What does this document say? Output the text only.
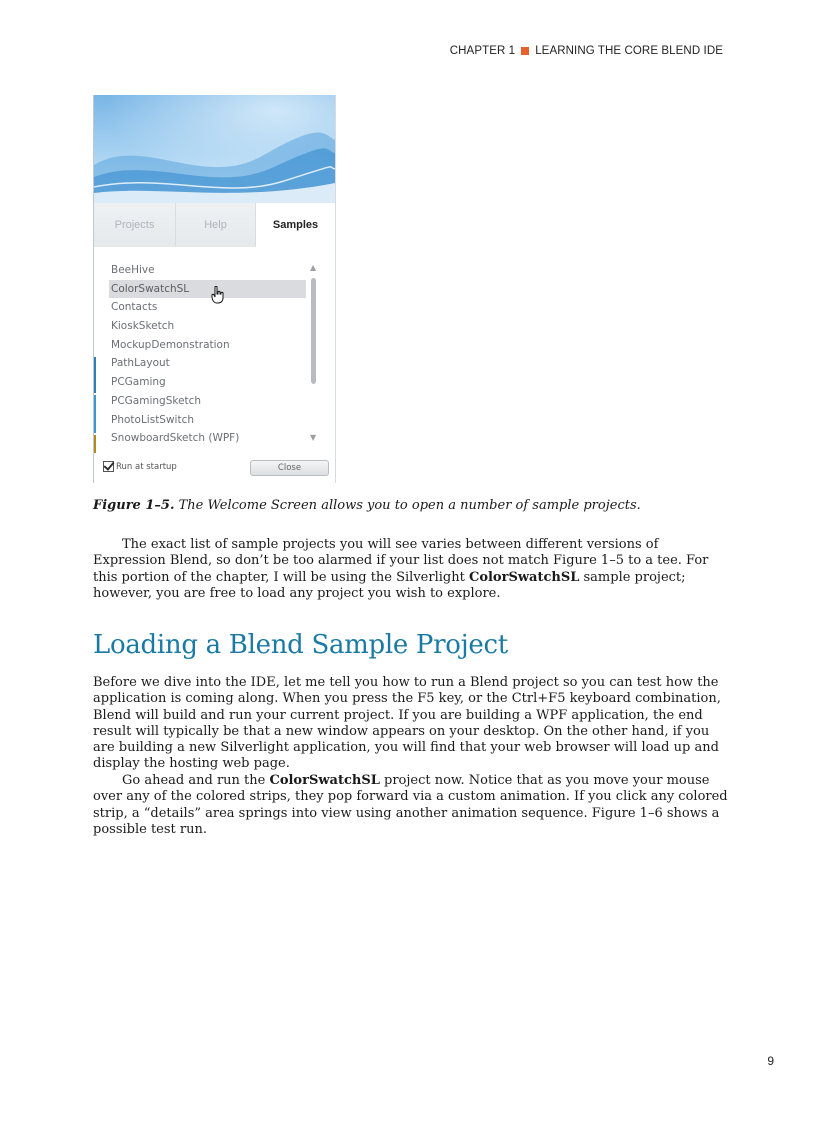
CHAPTER 1 LEARNING THE CORE BLEND IDE
Projects	Help	Samples
BeeHive
ColorSwatchSL
Contacts
KioskSketch
MockupDemonstration
PathLayout
PCGaming
PCGamingSketch
PhotoListSwitch
SnowboardSketch (WPF)
▲
▼
Run at startup	Close
Figure 1–5. The Welcome Screen allows you to open a number of sample projects.

The exact list of sample projects you will see varies between different versions of Expression Blend, so don’t be too alarmed if your list does not match Figure 1–5 to a tee. For this portion of the chapter, I will be using the Silverlight ColorSwatchSL sample project; however, you are free to load any project you wish to explore.

Loading a Blend Sample Project

Before we dive into the IDE, let me tell you how to run a Blend project so you can test how the application is coming along. When you press the F5 key, or the Ctrl+F5 keyboard combination, Blend will build and run your current project. If you are building a WPF application, the end result will typically be that a new window appears on your desktop. On the other hand, if you are building a new Silverlight application, you will find that your web browser will load up and display the hosting web page.

Go ahead and run the ColorSwatchSL project now. Notice that as you move your mouse over any of the colored strips, they pop forward via a custom animation. If you click any colored strip, a “details” area springs into view using another animation sequence. Figure 1–6 shows a possible test run.

9
